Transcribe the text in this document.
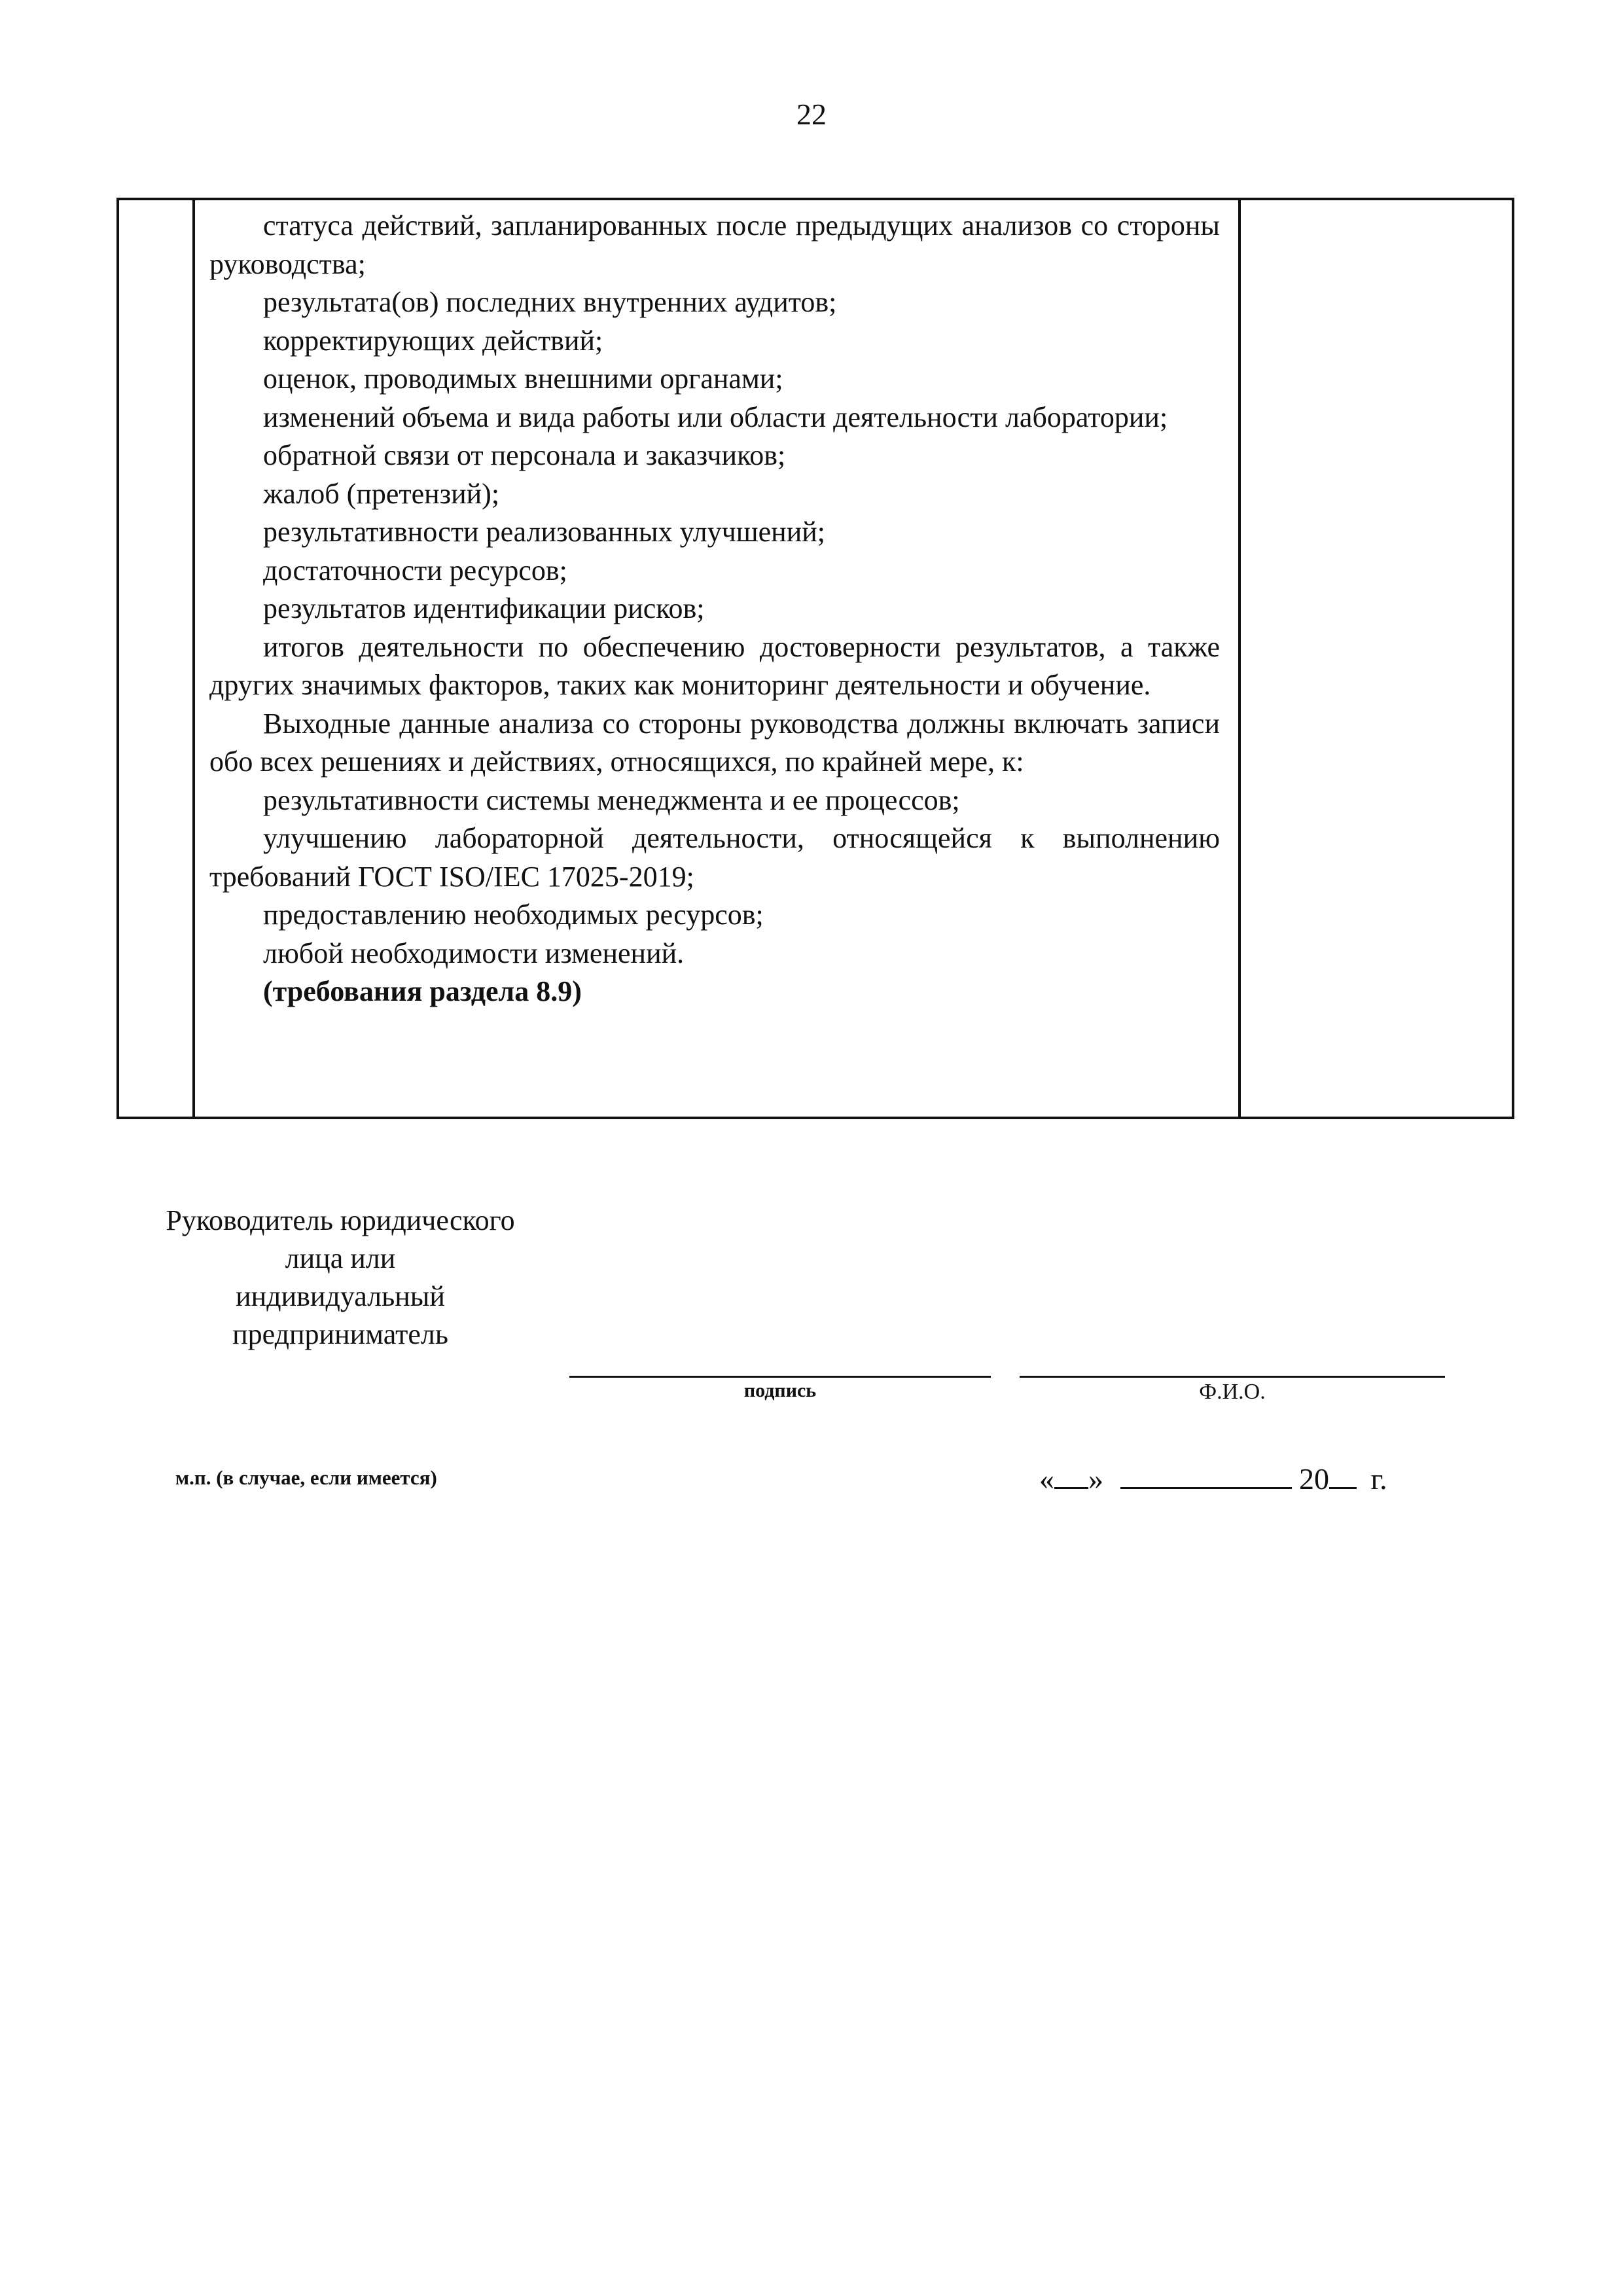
22

статуса действий, запланированных после предыдущих анализов со стороны руководства;

результата(ов) последних внутренних аудитов;

корректирующих действий;

оценок, проводимых внешними органами;

изменений объема и вида работы или области деятельности лаборатории;

обратной связи от персонала и заказчиков;

жалоб (претензий);

результативности реализованных улучшений;

достаточности ресурсов;

результатов идентификации рисков;

итогов деятельности по обеспечению достоверности результатов, а также других значимых факторов, таких как мониторинг деятельности и обучение.

Выходные данные анализа со стороны руководства должны включать записи обо всех решениях и действиях, относящихся, по крайней мере, к:

результативности системы менеджмента и ее процессов;

улучшению лабораторной деятельности, относящейся к выполнению требований ГОСТ ISO/IEC 17025-2019;

предоставлению необходимых ресурсов;

любой необходимости изменений.

(требования раздела 8.9)

Руководитель юридического
лица или
индивидуальный
предприниматель
подпись	Ф.И.О.
м.п. (в случае, если имеется)	« »	20 г.
